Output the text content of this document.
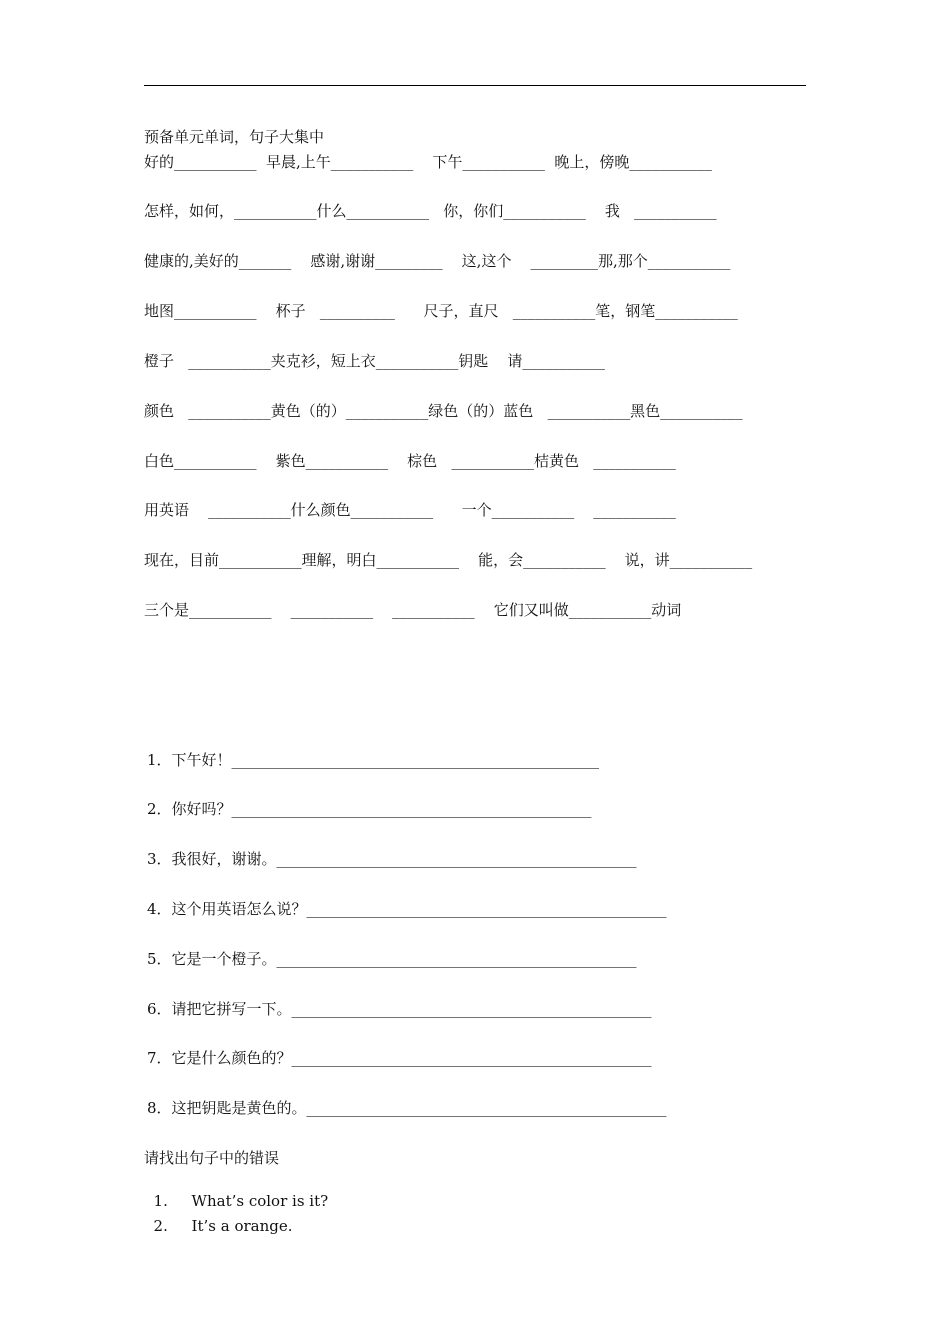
预备单元单词，句子大集中
好的___________  早晨,上午___________    下午___________  晚上，傍晚___________
怎样，如何，___________什么___________   你，你们___________    我   ___________
健康的,美好的_______    感谢,谢谢_________    这,这个    _________那,那个___________
地图___________    杯子   __________      尺子，直尺   ___________笔，钢笔___________
橙子   ___________夹克衫，短上衣___________钥匙    请___________
颜色   ___________黄色（的）___________绿色（的）蓝色   ___________黑色___________
白色___________    紫色___________    棕色   ___________桔黄色   ___________
用英语    ___________什么颜色___________      一个___________    ___________
现在，目前___________理解，明白___________    能，会___________    说，讲___________
三个是___________    ___________    ___________    它们又叫做___________动词
1．下午好！_________________________________________________
2．你好吗？________________________________________________
3．我很好，谢谢。________________________________________________
4．这个用英语怎么说？________________________________________________
5．它是一个橙子。________________________________________________
6．请把它拼写一下。________________________________________________
7．它是什么颜色的？________________________________________________
8．这把钥匙是黄色的。________________________________________________
请找出句子中的错误

1. What’s color is it?

2. It’s a orange.
